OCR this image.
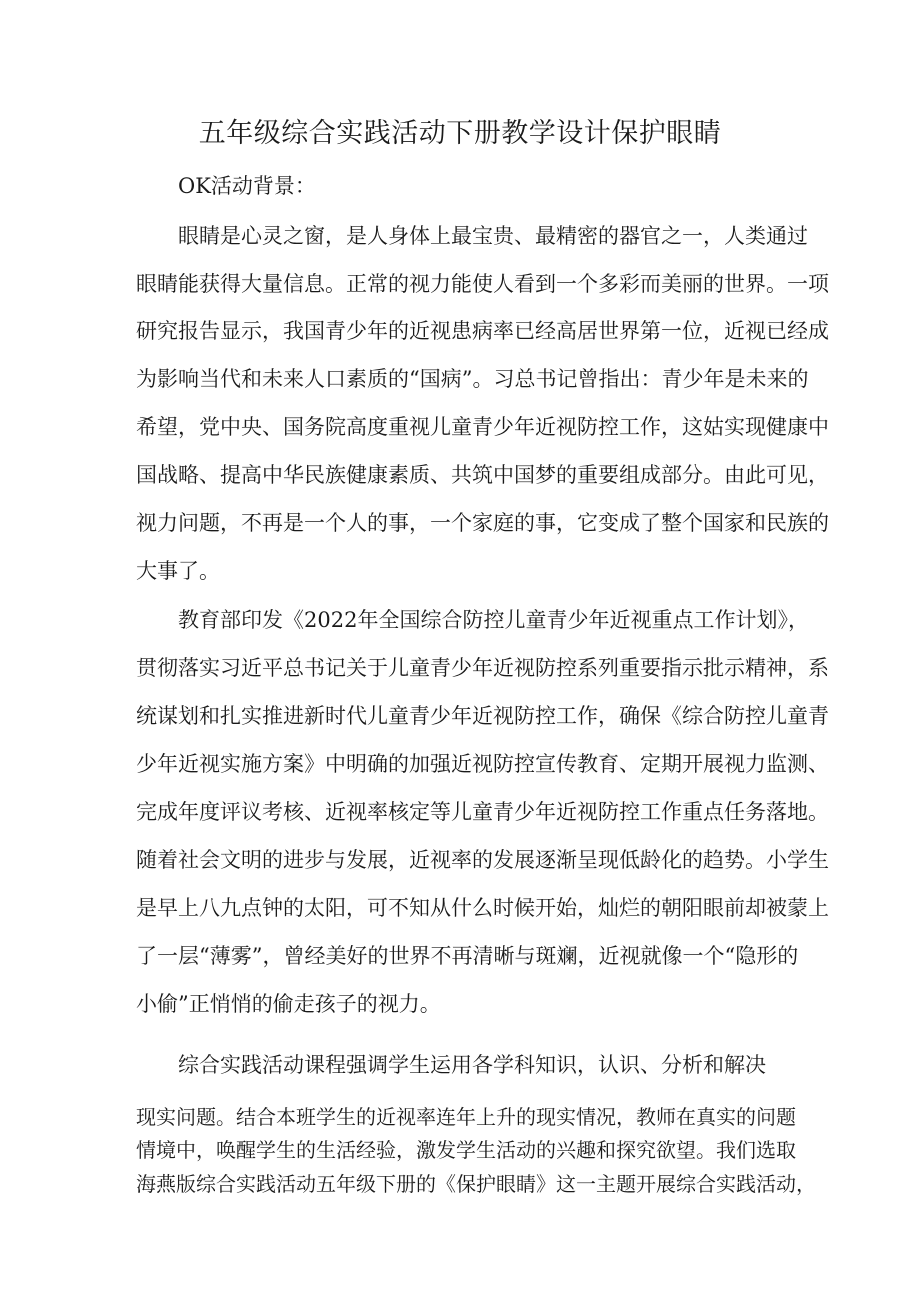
五年级综合实践活动下册教学设计保护眼睛

OK活动背景：

眼睛是心灵之窗，是人身体上最宝贵、最精密的器官之一，人类通过

眼睛能获得大量信息。正常的视力能使人看到一个多彩而美丽的世界。一项

研究报告显示，我国青少年的近视患病率已经高居世界第一位，近视已经成

为影响当代和未来人口素质的“国病”。习总书记曾指出：青少年是未来的

希望，党中央、国务院高度重视儿童青少年近视防控工作，这姑实现健康中

国战略、提高中华民族健康素质、共筑中国梦的重要组成部分。由此可见，

视力问题，不再是一个人的事，一个家庭的事，它变成了整个国家和民族的

大事了。

教育部印发《2022年全国综合防控儿童青少年近视重点工作计划》，

贯彻落实习近平总书记关于儿童青少年近视防控系列重要指示批示精神，系

统谋划和扎实推进新时代儿童青少年近视防控工作，确保《综合防控儿童青

少年近视实施方案》中明确的加强近视防控宣传教育、定期开展视力监测、

完成年度评议考核、近视率核定等儿童青少年近视防控工作重点任务落地。

随着社会文明的进步与发展，近视率的发展逐渐呈现低龄化的趋势。小学生

是早上八九点钟的太阳，可不知从什么时候开始，灿烂的朝阳眼前却被蒙上

了一层“薄雾”，曾经美好的世界不再清晰与斑斓，近视就像一个“隐形的

小偷”正悄悄的偷走孩子的视力。

综合实践活动课程强调学生运用各学科知识，认识、分析和解决

现实问题。结合本班学生的近视率连年上升的现实情况，教师在真实的问题

情境中，唤醒学生的生活经验，激发学生活动的兴趣和探究欲望。我们选取

海燕版综合实践活动五年级下册的《保护眼睛》这一主题开展综合实践活动，
